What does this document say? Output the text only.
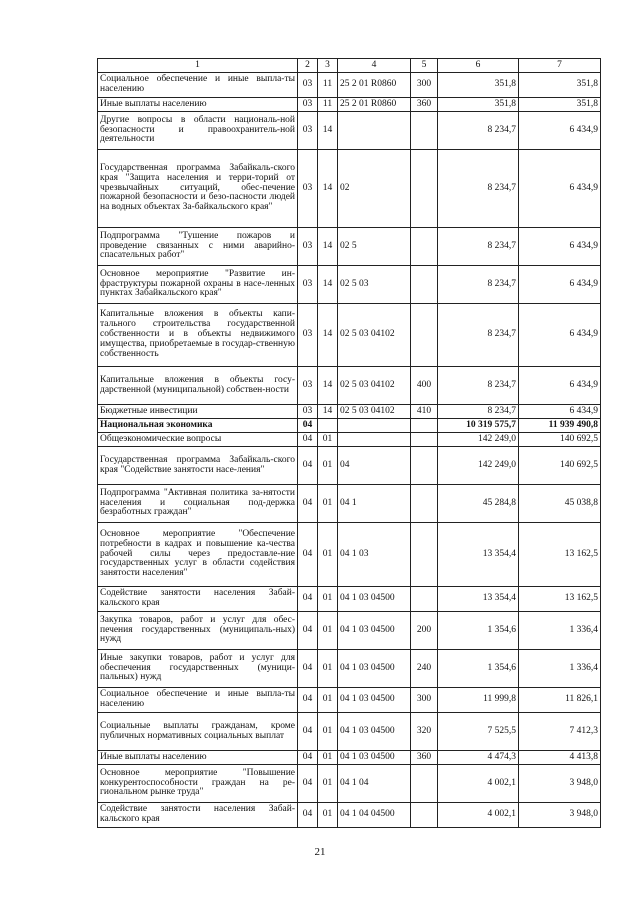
1	2	3	4	5	6	7
Социальное обеспечение и иные выпла-ты населению	03	11	25 2 01 R0860	300	351,8	351,8
Иные выплаты населению	03	11	25 2 01 R0860	360	351,8	351,8
Другие вопросы в области националь-ной безопасности и правоохранитель-ной деятельности	03	14			8 234,7	6 434,9
Государственная программа Забайкаль-ского края "Защита населения и терри-торий от чрезвычайных ситуаций, обес-печение пожарной безопасности и безо-пасности людей на водных объектах За-байкальского края"	03	14	02		8 234,7	6 434,9
Подпрограмма "Тушение пожаров и проведение связанных с ними аварийно-спасательных работ"	03	14	02 5		8 234,7	6 434,9
Основное мероприятие "Развитие ин-фраструктуры пожарной охраны в насе-ленных пунктах Забайкальского края"	03	14	02 5 03		8 234,7	6 434,9
Капитальные вложения в объекты капи-тального строительства государственной собственности и в объекты недвижимого имущества, приобретаемые в государ-ственную собственность	03	14	02 5 03 04102		8 234,7	6 434,9
Капитальные вложения в объекты госу-дарственной (муниципальной) собствен-ности	03	14	02 5 03 04102	400	8 234,7	6 434,9
Бюджетные инвестиции	03	14	02 5 03 04102	410	8 234,7	6 434,9
Национальная экономика	04				10 319 575,7	11 939 490,8
Общеэкономические вопросы	04	01			142 249,0	140 692,5
Государственная программа Забайкаль-ского края "Содействие занятости насе-ления"	04	01	04		142 249,0	140 692,5
Подпрограмма "Активная политика за-нятости населения и социальная под-держка безработных граждан"	04	01	04 1		45 284,8	45 038,8
Основное мероприятие "Обеспечение потребности в кадрах и повышение ка-чества рабочей силы через предоставле-ние государственных услуг в области содействия занятости населения"	04	01	04 1 03		13 354,4	13 162,5
Содействие занятости населения Забай-кальского края	04	01	04 1 03 04500		13 354,4	13 162,5
Закупка товаров, работ и услуг для обес-печения государственных (муниципаль-ных) нужд	04	01	04 1 03 04500	200	1 354,6	1 336,4
Иные закупки товаров, работ и услуг для обеспечения государственных (муници-пальных) нужд	04	01	04 1 03 04500	240	1 354,6	1 336,4
Социальное обеспечение и иные выпла-ты населению	04	01	04 1 03 04500	300	11 999,8	11 826,1
Социальные выплаты гражданам, кроме публичных нормативных социальных выплат	04	01	04 1 03 04500	320	7 525,5	7 412,3
Иные выплаты населению	04	01	04 1 03 04500	360	4 474,3	4 413,8
Основное мероприятие "Повышение конкурентоспособности граждан на ре-гиональном рынке труда"	04	01	04 1 04		4 002,1	3 948,0
Содействие занятости населения Забай-кальского края	04	01	04 1 04 04500		4 002,1	3 948,0
21
